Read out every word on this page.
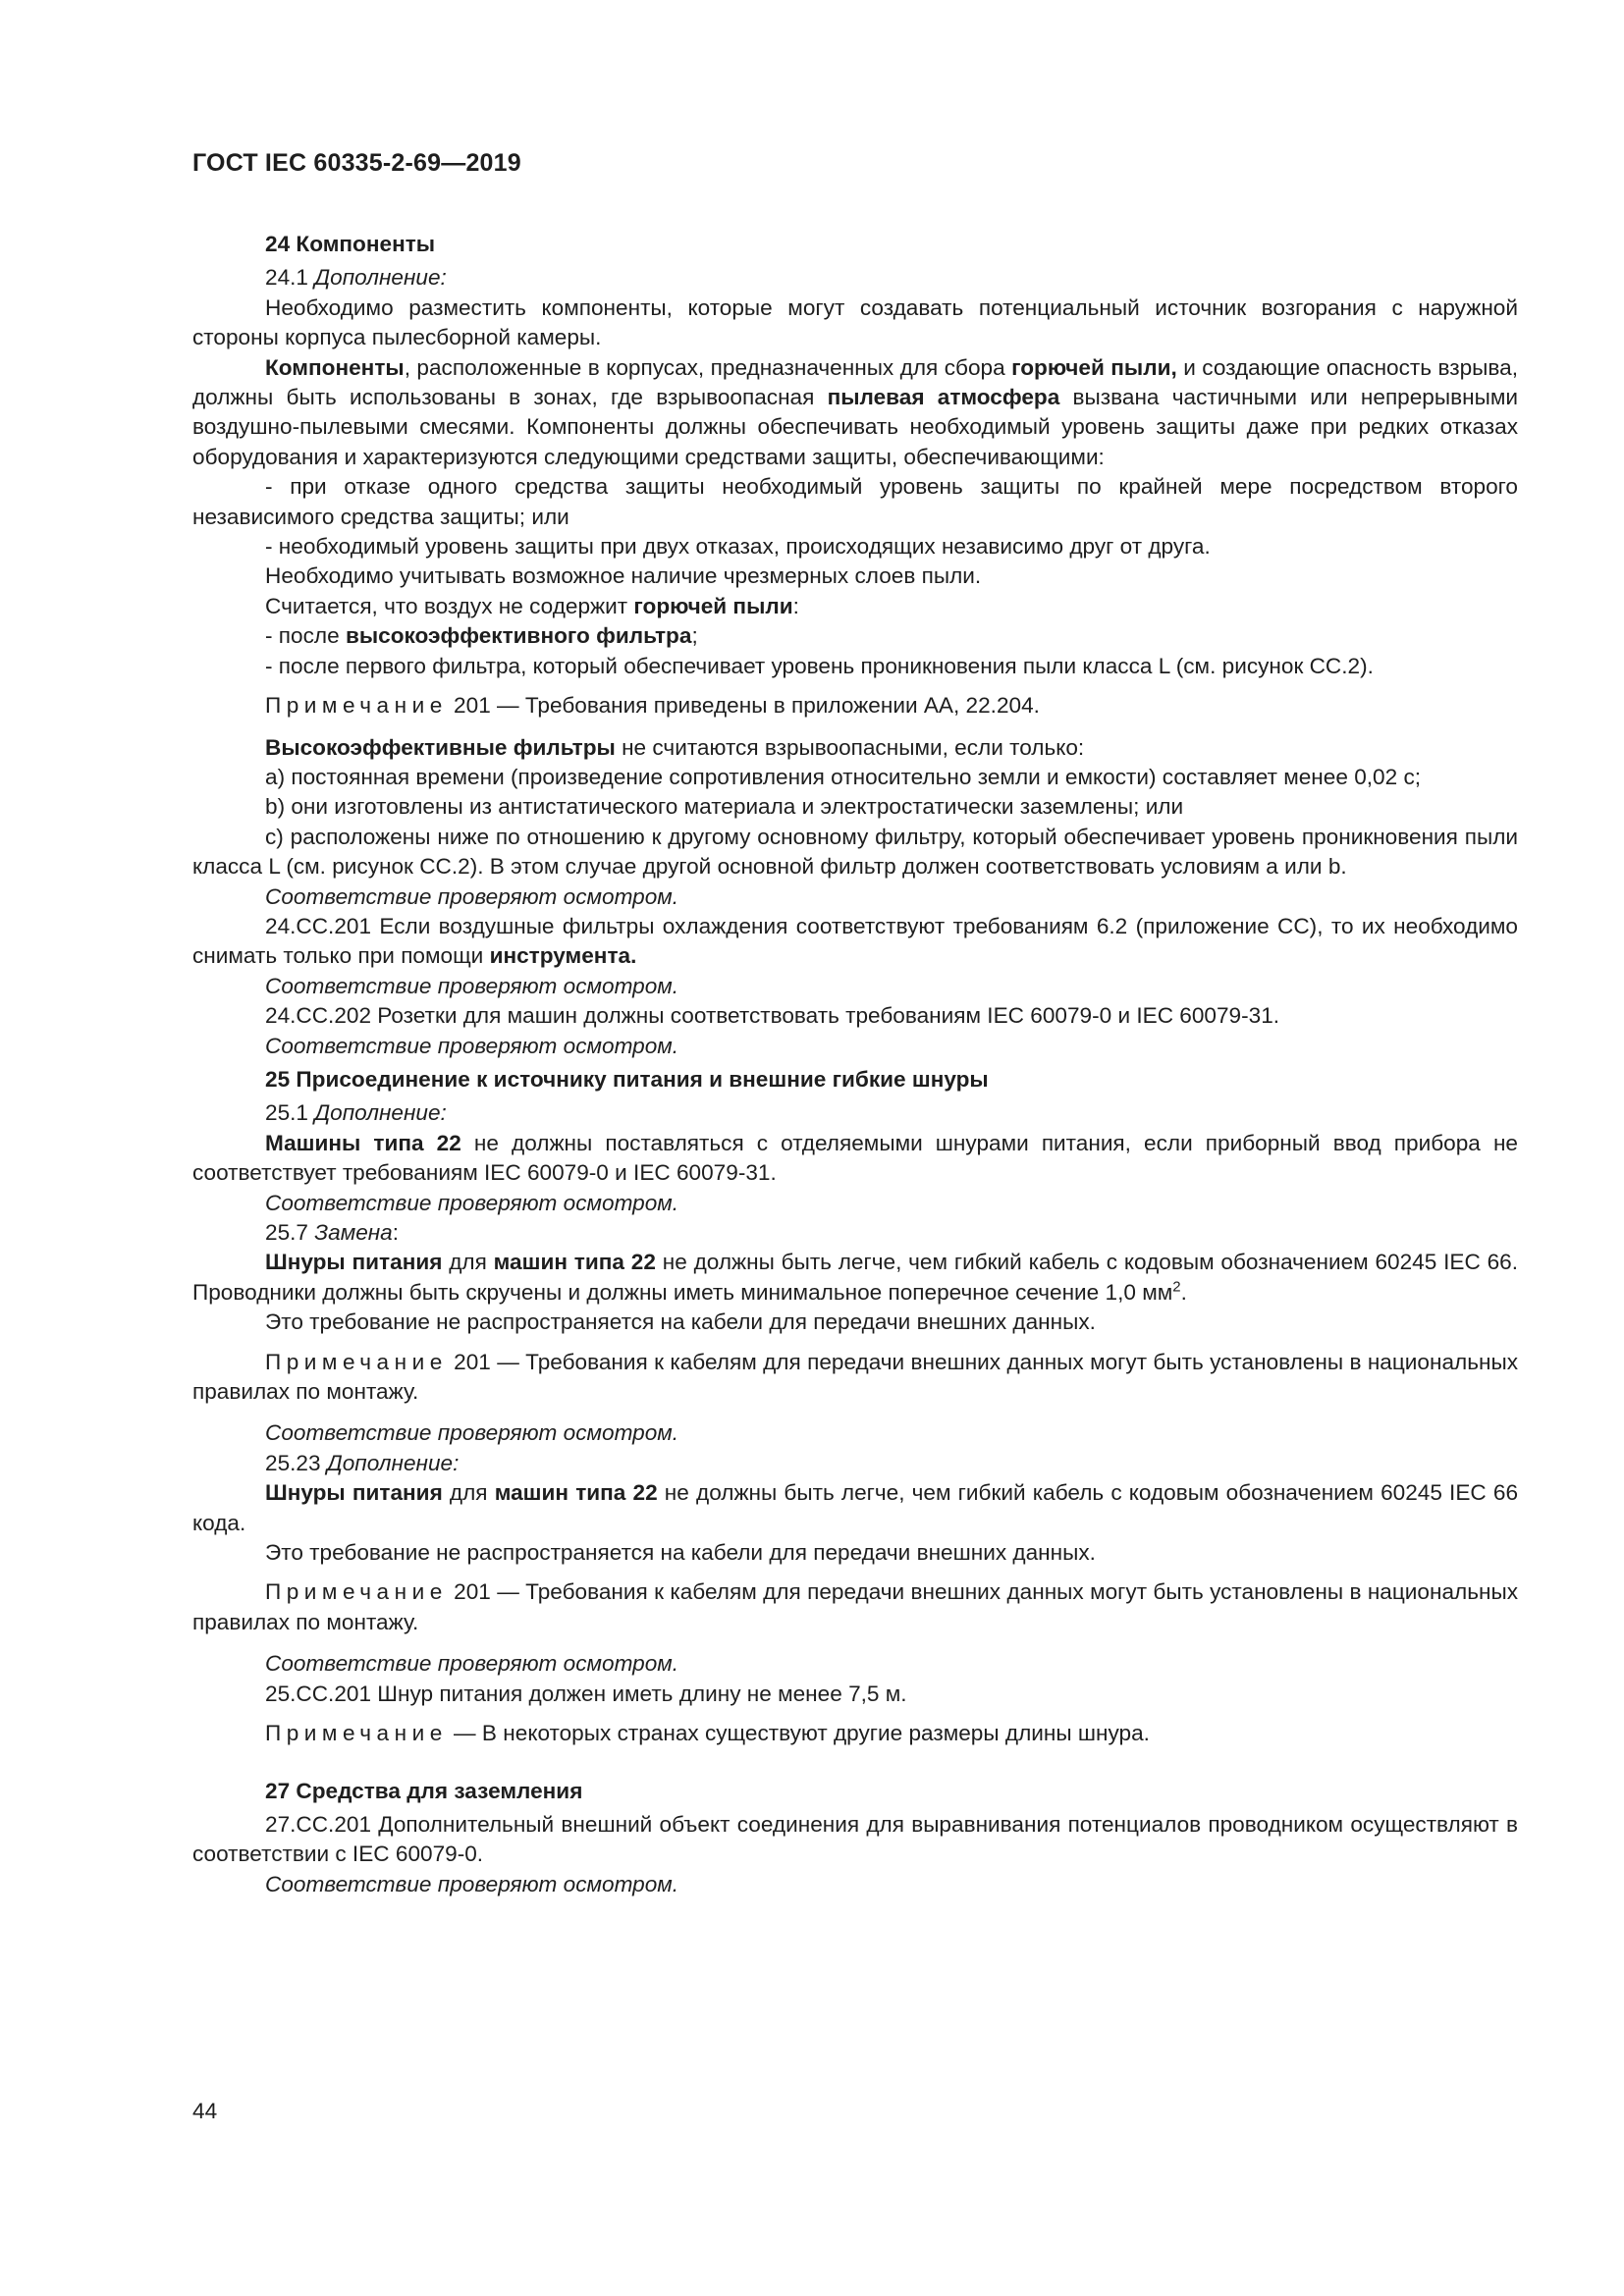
ГОСТ IEC 60335-2-69—2019

24 Компоненты

24.1 Дополнение:

Необходимо разместить компоненты, которые могут создавать потенциальный источник возгорания с наружной стороны корпуса пылесборной камеры.

Компоненты, расположенные в корпусах, предназначенных для сбора горючей пыли, и создающие опасность взрыва, должны быть использованы в зонах, где взрывоопасная пылевая атмосфера вызвана частичными или непрерывными воздушно-пылевыми смесями. Компоненты должны обеспечивать необходимый уровень защиты даже при редких отказах оборудования и характеризуются следующими средствами защиты, обеспечивающими:

- при отказе одного средства защиты необходимый уровень защиты по крайней мере посредством второго независимого средства защиты; или

- необходимый уровень защиты при двух отказах, происходящих независимо друг от друга.

Необходимо учитывать возможное наличие чрезмерных слоев пыли.

Считается, что воздух не содержит горючей пыли:

- после высокоэффективного фильтра;

- после первого фильтра, который обеспечивает уровень проникновения пыли класса L (см. рисунок CC.2).

Примечание 201 — Требования приведены в приложении АА, 22.204.

Высокоэффективные фильтры не считаются взрывоопасными, если только:

а) постоянная времени (произведение сопротивления относительно земли и емкости) составляет менее 0,02 с;

b) они изготовлены из антистатического материала и электростатически заземлены; или

с) расположены ниже по отношению к другому основному фильтру, который обеспечивает уровень проникновения пыли класса L (см. рисунок CC.2). В этом случае другой основной фильтр должен соответствовать условиям a или b.

Соответствие проверяют осмотром.

24.CC.201 Если воздушные фильтры охлаждения соответствуют требованиям 6.2 (приложение СС), то их необходимо снимать только при помощи инструмента.

Соответствие проверяют осмотром.

24.CC.202 Розетки для машин должны соответствовать требованиям IEC 60079-0 и IEC 60079-31.

Соответствие проверяют осмотром.

25 Присоединение к источнику питания и внешние гибкие шнуры

25.1 Дополнение:

Машины типа 22 не должны поставляться с отделяемыми шнурами питания, если приборный ввод прибора не соответствует требованиям IEC 60079-0 и IEC 60079-31.

Соответствие проверяют осмотром.

25.7 Замена:

Шнуры питания для машин типа 22 не должны быть легче, чем гибкий кабель с кодовым обозначением 60245 IEC 66. Проводники должны быть скручены и должны иметь минимальное поперечное сечение 1,0 $мм^2$.

Это требование не распространяется на кабели для передачи внешних данных.

Примечание 201 — Требования к кабелям для передачи внешних данных могут быть установлены в национальных правилах по монтажу.

Соответствие проверяют осмотром.

25.23 Дополнение:

Шнуры питания для машин типа 22 не должны быть легче, чем гибкий кабель с кодовым обозначением 60245 IEC 66 кода.

Это требование не распространяется на кабели для передачи внешних данных.

Примечание 201 — Требования к кабелям для передачи внешних данных могут быть установлены в национальных правилах по монтажу.

Соответствие проверяют осмотром.

25.CC.201 Шнур питания должен иметь длину не менее 7,5 м.

Примечание — В некоторых странах существуют другие размеры длины шнура.

27 Средства для заземления

27.CC.201 Дополнительный внешний объект соединения для выравнивания потенциалов проводником осуществляют в соответствии с IEC 60079-0.

Соответствие проверяют осмотром.

44
